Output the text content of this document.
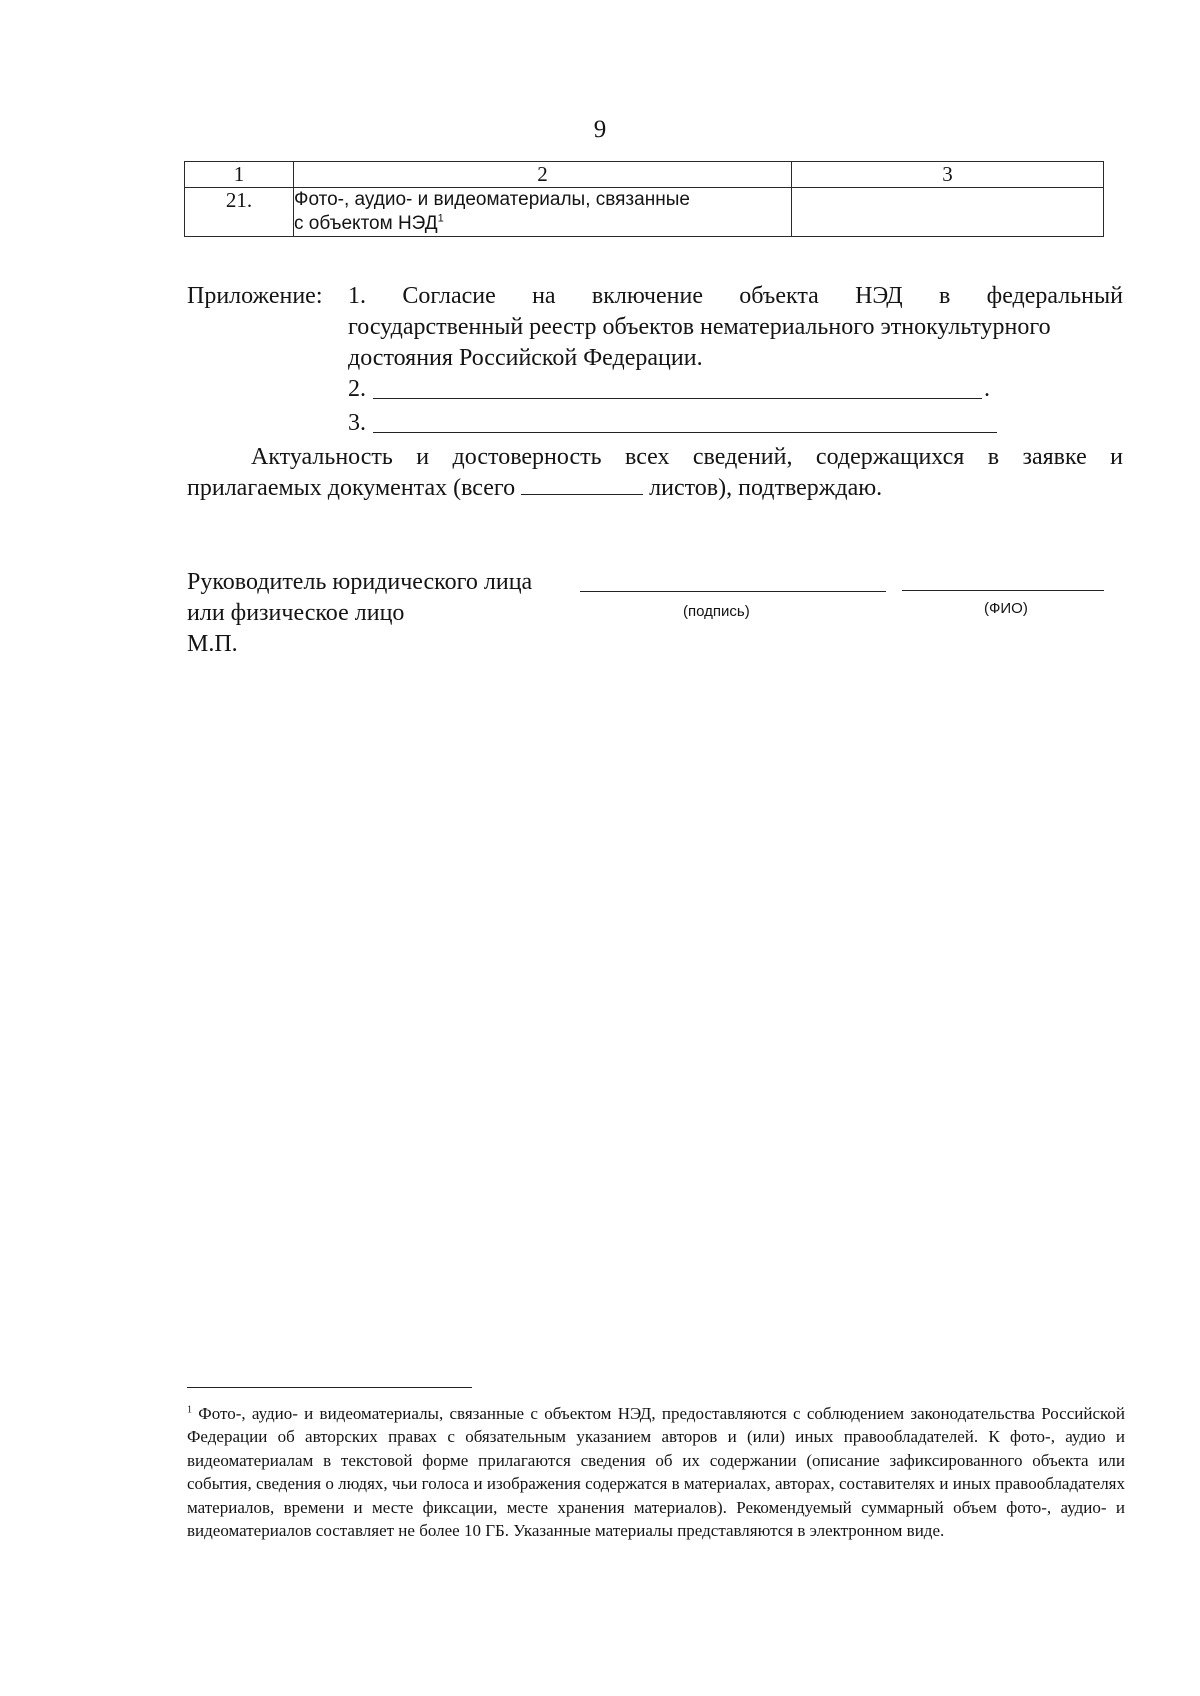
9
1	2	3
21.	Фото-, аудио- и видеоматериалы, связанные
с объектом НЭД$^1$	
Приложение: 1. Согласие на включение объекта НЭД в федеральный
государственный реестр объектов нематериального этнокультурного
достояния Российской Федерации.
2.	.
3.
Актуальность и достоверность всех сведений, содержащихся в заявке и
прилагаемых документах (всего	листов), подтверждаю.
Руководитель юридического лица
или физическое лицо	(подпись)	(ФИО)
М.П.
$^1$ Фото-, аудио- и видеоматериалы, связанные с объектом НЭД, предоставляются с соблюдением законодательства Российской Федерации об авторских правах с обязательным указанием авторов и (или) иных правообладателей. К фото-, аудио и видеоматериалам в текстовой форме прилагаются сведения об их содержании (описание зафиксированного объекта или события, сведения о людях, чьи голоса и изображения содержатся в материалах, авторах, составителях и иных правообладателях материалов, времени и месте фиксации, месте хранения материалов). Рекомендуемый суммарный объем фото-, аудио- и видеоматериалов составляет не более 10 ГБ. Указанные материалы представляются в электронном виде.
